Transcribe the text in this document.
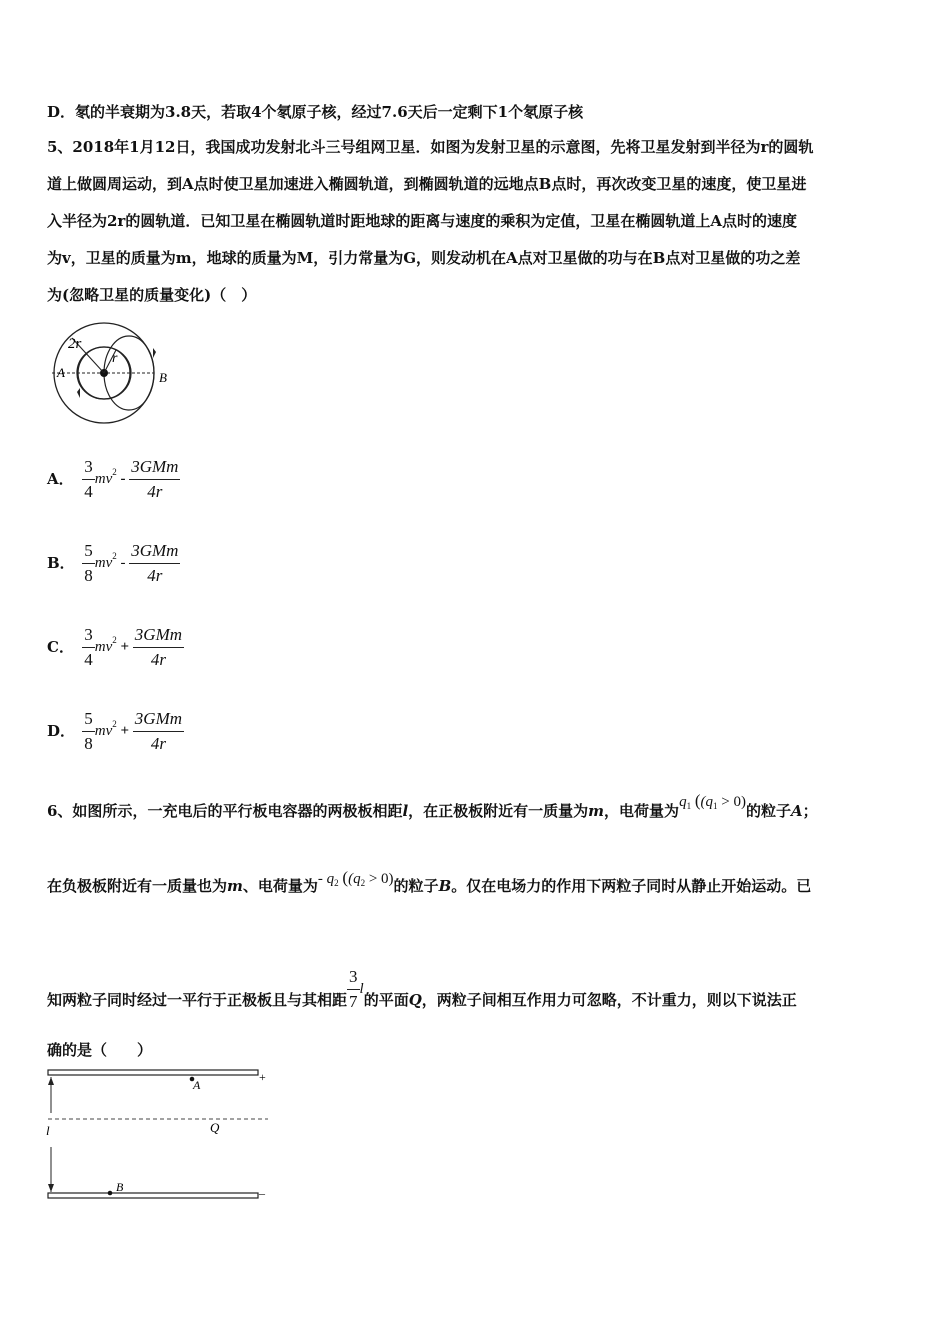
D．氡的半衰期为3.8天，若取4个氡原子核，经过7.6天后一定剩下1个氡原子核
5、2018年1月12日，我国成功发射北斗三号组网卫星．如图为发射卫星的示意图，先将卫星发射到半径为r的圆轨
道上做圆周运动，到A点时使卫星加速进入椭圆轨道，到椭圆轨道的远地点B点时，再次改变卫星的速度，使卫星进
入半径为2r的圆轨道．已知卫星在椭圆轨道时距地球的距离与速度的乘积为定值，卫星在椭圆轨道上A点时的速度
为v，卫星的质量为m，地球的质量为M，引力常量为G，则发动机在A点对卫星做的功与在B点对卫星做的功之差
为(忽略卫星的质量变化)（　）
2r
r
A	B
A． $\frac{3}{4} mv^2 - \frac{\text{3GMm}}{4r}$
B． $\frac{5}{8} mv^2 - \frac{\text{3GMm}}{4r}$
C． $\frac{3}{4} mv^2 + \frac{\text{3GMm}}{4r}$
D． $\frac{5}{8} mv^2 + \frac{\text{3GMm}}{4r}$
6、如图所示，一充电后的平行板电容器的两极板相距l，在正极板附近有一质量为m，电荷量为$q_1$ ($(q_1 > 0)$的粒子A；
在负极板附近有一质量也为m、电荷量为- $q_2$ ($(q_2 > 0)$的粒子B。仅在电场力的作用下两粒子同时从静止开始运动。已
知两粒子同时经过一平行于正极板且与其相距 $\frac{3}{7}$ l的平面Q，两粒子间相互作用力可忽略，不计重力，则以下说法正
确的是（　　）
A
+
l	Q
B	–
